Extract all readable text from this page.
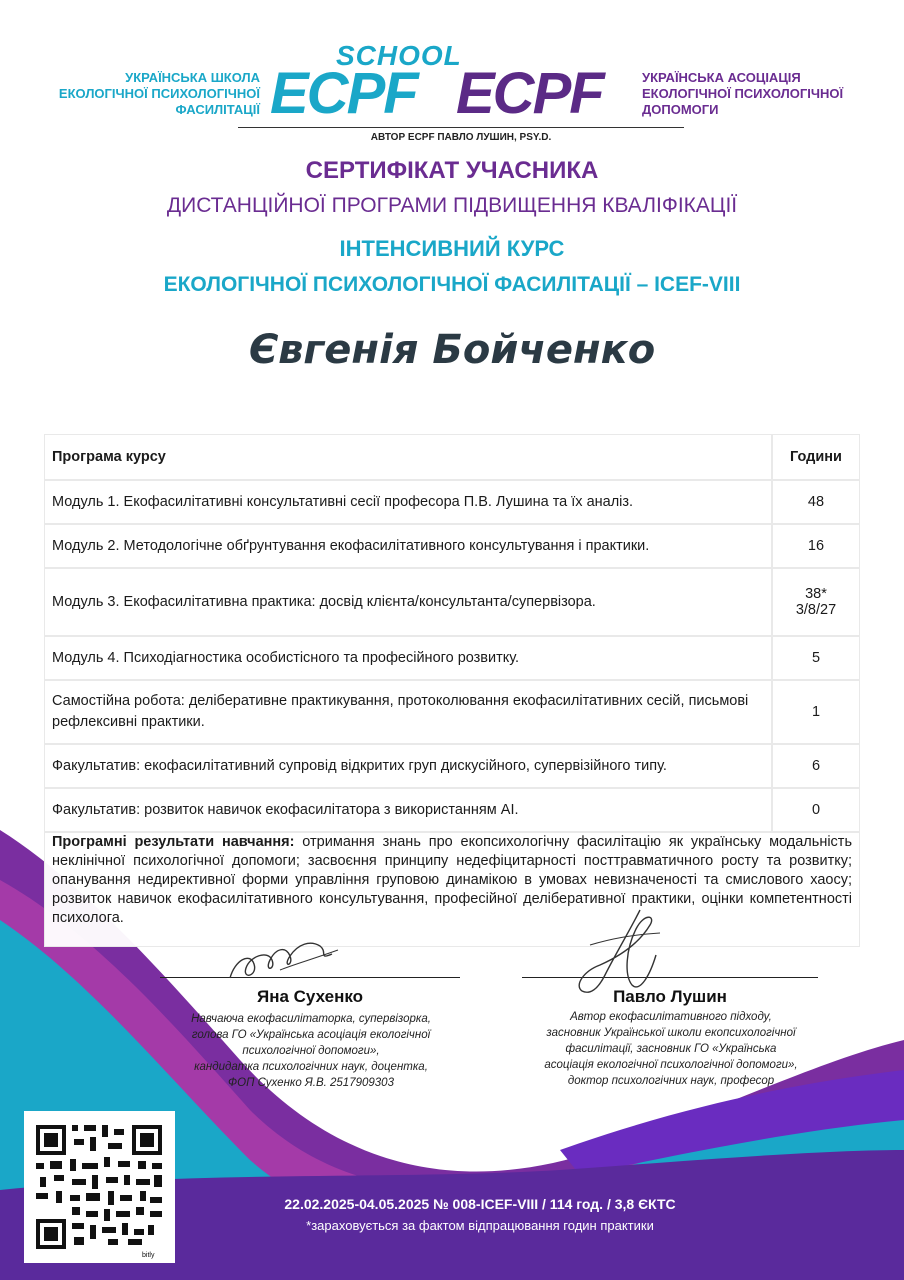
УКРАЇНСЬКА ШКОЛА
ЕКОЛОГІЧНОЇ ПСИХОЛОГІЧНОЇ
ФАСИЛІТАЦІЇ
SCHOOL
ECPF ECPF	УКРАЇНСЬКА АСОЦІАЦІЯ
ЕКОЛОГІЧНОЇ ПСИХОЛОГІЧНОЇ
ДОПОМОГИ
АВТОР ECPF ПАВЛО ЛУШИН, PSY.D.
СЕРТИФІКАТ УЧАСНИКА
ДИСТАНЦІЙНОЇ ПРОГРАМИ ПІДВИЩЕННЯ КВАЛІФІКАЦІЇ
ІНТЕНСИВНИЙ КУРС
ЕКОЛОГІЧНОЇ ПСИХОЛОГІЧНОЇ ФАСИЛІТАЦІЇ – ICEF-VIII
Євгенія Бойченко
Програма курсу	Години
Модуль 1. Екофасилітативні консультативні сесії професора П.В. Лушина та їх аналіз.	48
Модуль 2. Методологічне обґрунтування екофасилітативного консультування і практики.	16
Модуль 3. Екофасилітативна практика: досвід клієнта/консультанта/супервізора.	38*
3/8/27

Модуль 4. Психодіагностика особистісного та професійного розвитку.	5
Самостійна робота: деліберативне практикування, протоколювання екофасилітативних сесій, письмові рефлексивні практики.	1
Факультатив: екофасилітативний супровід відкритих груп дискусійного, супервізійного типу.	6
Факультатив: розвиток навичок екофасилітатора з використанням AI.	0
Програмні результати навчання: отримання знань про екопсихологічну фасилітацію як українську модальність неклінічної психологічної допомоги; засвоєння принципу недефіцитарності посттравматичного росту та розвитку; опанування недирективної форми управління груповою динамікою в умовах невизначеності та смислового хаосу; розвиток навичок екофасилітативного консультування, професійної деліберативної практики, оцінки компетентності психолога.	
Яна Сухенко	Павло Лушин
Навчаюча екофасилітаторка, супервізорка,
голова ГО «Українська асоціація екологічної
психологічної допомоги»,
кандидатка психологічних наук, доцентка,
ФОП Сухенко Я.В. 2517909303
Автор екофасилітативного підходу,
засновник Української школи екопсихологічної
фасилітації, засновник ГО «Українська
асоціація екологічної психологічної допомоги»,
доктор психологічних наук, професор
bitly
22.02.2025-04.05.2025 № 008-ICEF-VIII / 114 год. / 3,8 ЄКТС
*зараховується за фактом відпрацювання годин практики
